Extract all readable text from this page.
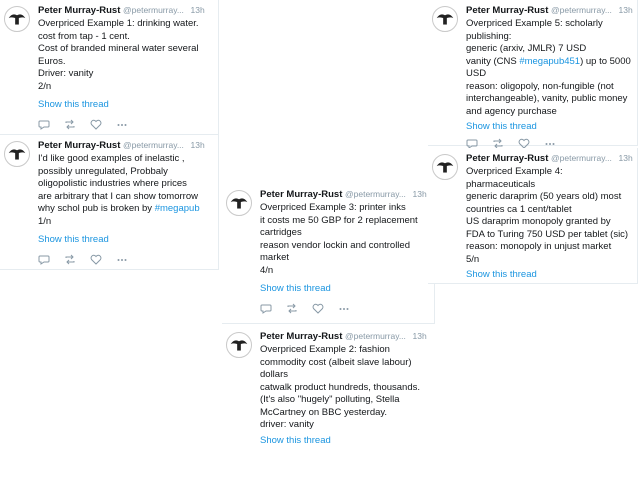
Peter Murray-Rust @petermurray... 13h
Overpriced Example 1: drinking water.
cost from tap - 1 cent.
Cost of branded mineral water several
Euros.
Driver: vanity
2/n
Show this thread
Peter Murray-Rust @petermurray... 13h
I'd like good examples of inelastic ,
possibly unregulated, Probbaly
oligopolistic industries where prices
are arbitrary that I can show tomorrow
why schol pub is broken by #megapub
1/n
Show this thread
Peter Murray-Rust @petermurray... 13h
Overpriced Example 3: printer inks
it costs me 50 GBP for 2 replacement
cartridges
reason vendor lockin and controlled
market
4/n
Show this thread
Peter Murray-Rust @petermurray... 13h
Overpriced Example 2: fashion
commodity cost (albeit slave labour)
dollars
catwalk product hundreds, thousands.
(It's also "hugely" polluting, Stella
McCartney on BBC yesterday.
driver: vanity
Show this thread
Peter Murray-Rust @petermurray... 13h
Overpriced Example 5: scholarly
publishing:
generic (arxiv, JMLR) 7 USD
vanity (CNS #megapub451) up to 5000
USD
reason: oligopoly, non-fungible (not
interchangeable), vanity, public money
and agency purchase
Show this thread
Peter Murray-Rust @petermurray... 13h
Overpriced Example 4:
pharmaceuticals
generic daraprim (50 years old) most
countries ca 1 cent/tablet
US daraprim monopoly granted by
FDA to Turing 750 USD per tablet (sic)
reason: monopoly in unjust market
5/n
Show this thread
